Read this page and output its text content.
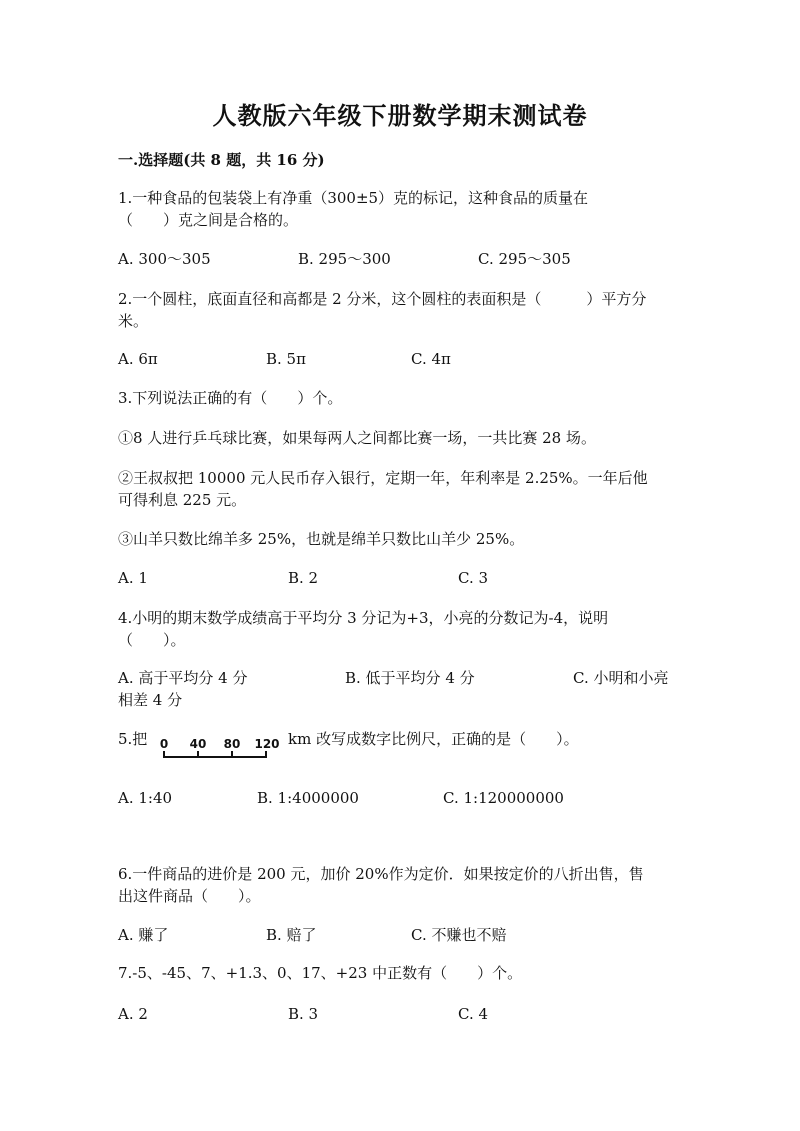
人教版六年级下册数学期末测试卷
一.选择题(共 8 题，共 16 分)
1.一种食品的包装袋上有净重（300±5）克的标记，这种食品的质量在
（　　）克之间是合格的。
A. 300～305	B. 295～300	C. 295～305
2.一个圆柱，底面直径和高都是 2 分米，这个圆柱的表面积是（　　　）平方分
米。
A. 6π	B. 5π	C. 4π
3.下列说法正确的有（　　）个。
①8 人进行乒乓球比赛，如果每两人之间都比赛一场，一共比赛 28 场。
②王叔叔把 10000 元人民币存入银行，定期一年，年利率是 2.25%。一年后他
可得利息 225 元。
③山羊只数比绵羊多 25%，也就是绵羊只数比山羊少 25%。
A. 1	B. 2	C. 3
4.小明的期末数学成绩高于平均分 3 分记为+3，小亮的分数记为-4，说明
（　　）。
A. 高于平均分 4 分	B. 低于平均分 4 分	C. 小明和小亮
相差 4 分
5.把 0 40 80 120 km 改写成数字比例尺，正确的是（　　）。
A. 1:40	B. 1:4000000	C. 1:120000000
6.一件商品的进价是 200 元，加价 20%作为定价．如果按定价的八折出售，售
出这件商品（　　）。
A. 赚了	B. 赔了	C. 不赚也不赔
7.-5、-45、7、+1.3、0、17、+23 中正数有（　　）个。
A. 2	B. 3	C. 4
